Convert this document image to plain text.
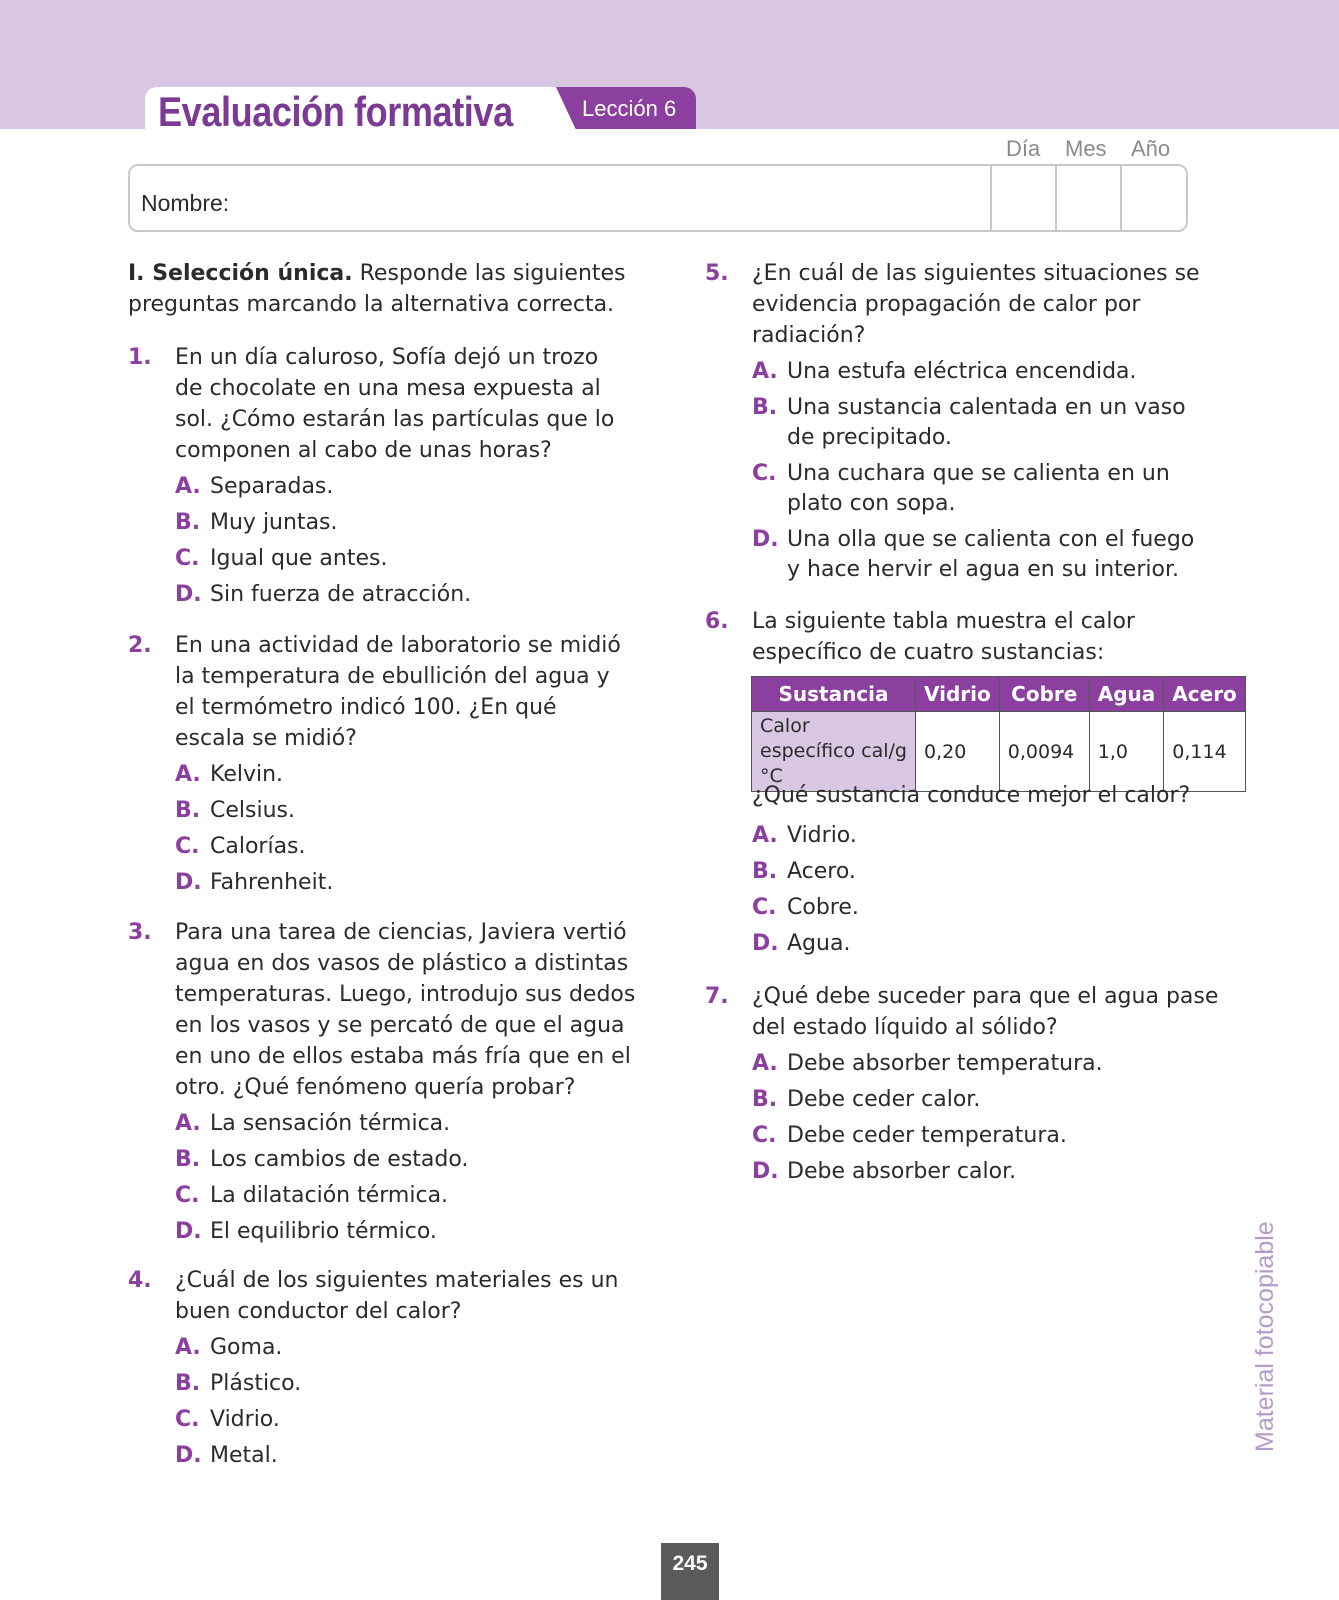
Evaluación formativa	Lección 6
Día Mes Año
Nombre:
I. Selección única. Responde las siguientes preguntas marcando la alternativa correcta.
1. En un día caluroso, Sofía dejó un trozo de chocolate en una mesa expuesta al sol. ¿Cómo estarán las partículas que lo componen al cabo de unas horas?
A. Separadas.
B. Muy juntas.
C. Igual que antes.
D. Sin fuerza de atracción.
2. En una actividad de laboratorio se midió la temperatura de ebullición del agua y el termómetro indicó 100. ¿En qué escala se midió?
A. Kelvin.
B. Celsius.
C. Calorías.
D. Fahrenheit.
3. Para una tarea de ciencias, Javiera vertió agua en dos vasos de plástico a distintas temperaturas. Luego, introdujo sus dedos en los vasos y se percató de que el agua en uno de ellos estaba más fría que en el otro. ¿Qué fenómeno quería probar?
A. La sensación térmica.
B. Los cambios de estado.
C. La dilatación térmica.
D. El equilibrio térmico.
4. ¿Cuál de los siguientes materiales es un buen conductor del calor?
A. Goma.
B. Plástico.
C. Vidrio.
D. Metal.
5. ¿En cuál de las siguientes situaciones se evidencia propagación de calor por radiación?
A. Una estufa eléctrica encendida.
B. Una sustancia calentada en un vaso de precipitado.
C. Una cuchara que se calienta en un plato con sopa.
D. Una olla que se calienta con el fuego y hace hervir el agua en su interior.
6. La siguiente tabla muestra el calor específico de cuatro sustancias:
Sustancia	Vidrio	Cobre	Agua	Acero
Calor específico cal/g °C	0,20	0,0094	1,0	0,114
¿Qué sustancia conduce mejor el calor?
A. Vidrio.
B. Acero.
C. Cobre.
D. Agua.
7. ¿Qué debe suceder para que el agua pase del estado líquido al sólido?
A. Debe absorber temperatura.
B. Debe ceder calor.
C. Debe ceder temperatura.
D. Debe absorber calor.
Material fotocopiable
245
